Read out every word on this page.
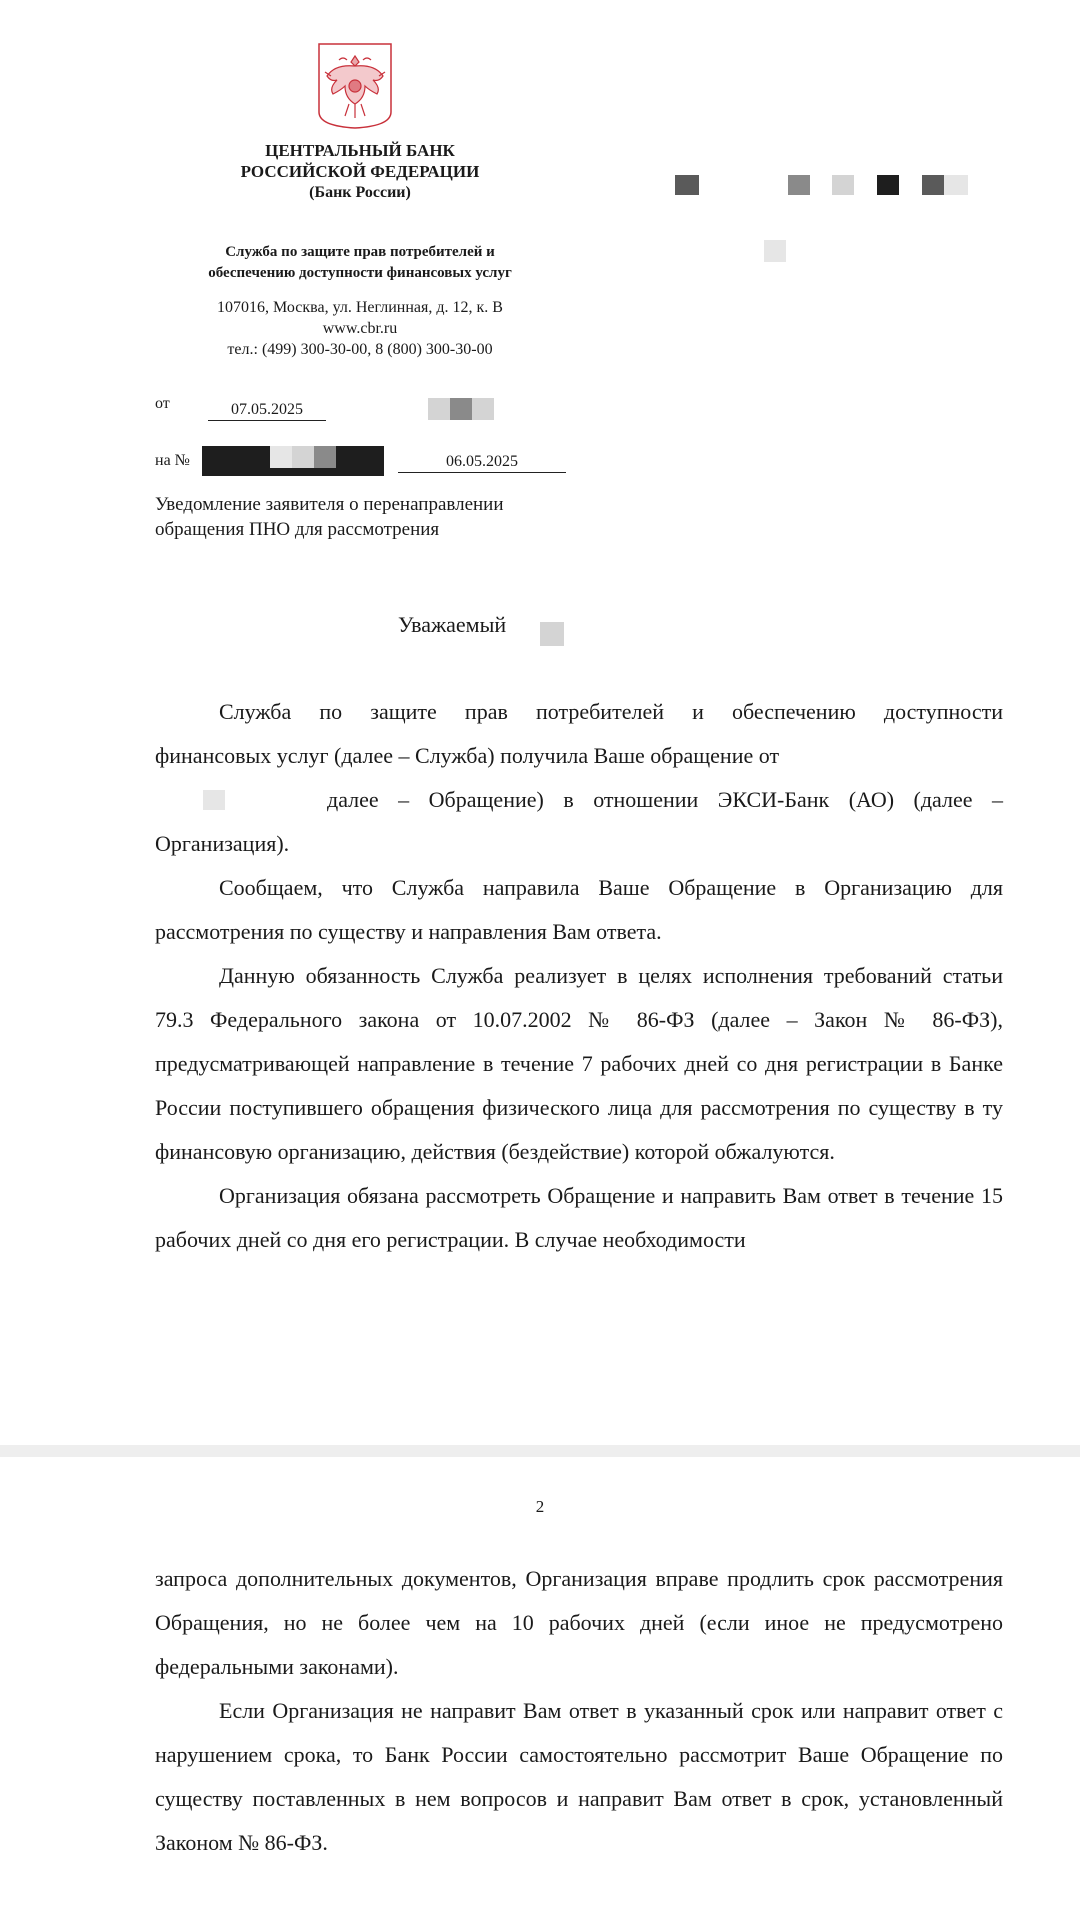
ЦЕНТРАЛЬНЫЙ БАНК
РОССИЙСКОЙ ФЕДЕРАЦИИ
(Банк России)
Служба по защите прав потребителей и
обеспечению доступности финансовых услуг
107016, Москва, ул. Неглинная, д. 12, к. В
www.cbr.ru
тел.: (499) 300-30-00, 8 (800) 300-30-00
от	07.05.2025
на №	06.05.2025
Уведомление заявителя о перенаправлении
обращения ПНО для рассмотрения
Уважаемый
Служба по защите прав потребителей и обеспечению доступности
финансовых услуг (далее – Служба) получила Ваше обращение от
далее – Обращение) в отношении ЭКСИ-Банк (АО) (далее –
Организация).

Сообщаем, что Служба направила Ваше Обращение в Организацию для рассмотрения по существу и направления Вам ответа.

Данную обязанность Служба реализует в целях исполнения требований статьи 79.3 Федерального закона от 10.07.2002 № 86-ФЗ (далее – Закон № 86-ФЗ), предусматривающей направление в течение 7 рабочих дней со дня регистрации в Банке России поступившего обращения физического лица для рассмотрения по существу в ту финансовую организацию, действия (бездействие) которой обжалуются.

Организация обязана рассмотреть Обращение и направить Вам ответ в течение 15 рабочих дней со дня его регистрации. В случае необходимости

2

запроса дополнительных документов, Организация вправе продлить срок рассмотрения Обращения, но не более чем на 10 рабочих дней (если иное не предусмотрено федеральными законами).

Если Организация не направит Вам ответ в указанный срок или направит ответ с нарушением срока, то Банк России самостоятельно рассмотрит Ваше Обращение по существу поставленных в нем вопросов и направит Вам ответ в срок, установленный Законом № 86-ФЗ.
